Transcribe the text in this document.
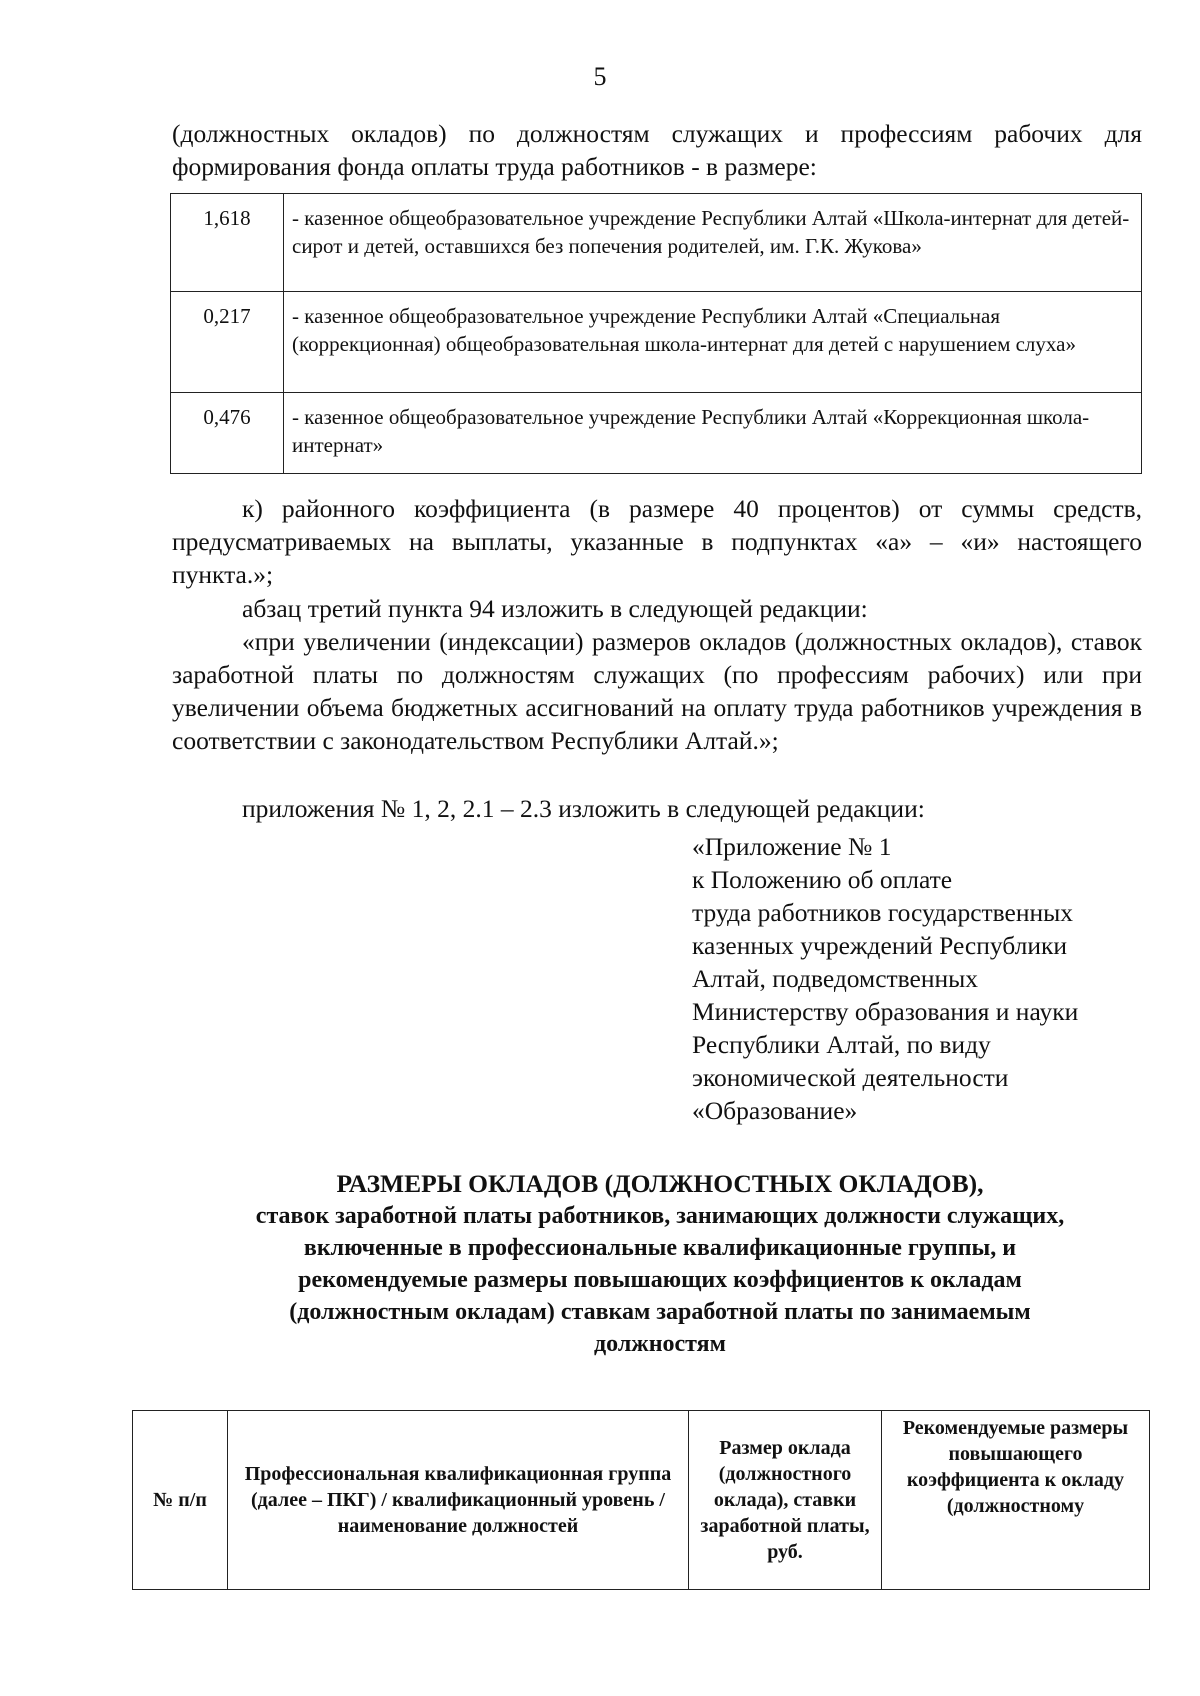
5
(должностных окладов) по должностям служащих и профессиям рабочих для
формирования фонда оплаты труда работников - в размере:
1,618	- казенное общеобразовательное учреждение Республики Алтай «Школа-интернат для детей-сирот и детей, оставшихся без попечения родителей, им. Г.К. Жукова»
0,217	- казенное общеобразовательное учреждение Республики Алтай «Специальная (коррекционная) общеобразовательная школа-интернат для детей с нарушением слуха»
0,476	- казенное общеобразовательное учреждение Республики Алтай «Коррекционная школа-интернат»
к) районного коэффициента (в размере 40 процентов) от суммы средств, предусматриваемых на выплаты, указанные в подпунктах «а» – «и» настоящего пункта.»;
абзац третий пункта 94 изложить в следующей редакции:
«при увеличении (индексации) размеров окладов (должностных окладов), ставок заработной платы по должностям служащих (по профессиям рабочих) или при увеличении объема бюджетных ассигнований на оплату труда работников учреждения в соответствии с законодательством Республики Алтай.»;
приложения № 1, 2, 2.1 – 2.3 изложить в следующей редакции:
«Приложение № 1
к Положению об оплате
труда работников государственных
казенных учреждений Республики
Алтай, подведомственных
Министерству образования и науки
Республики Алтай, по виду
экономической деятельности
«Образование»
РАЗМЕРЫ ОКЛАДОВ (ДОЛЖНОСТНЫХ ОКЛАДОВ),
ставок заработной платы работников, занимающих должности служащих,
включенные в профессиональные квалификационные группы, и
рекомендуемые размеры повышающих коэффициентов к окладам
(должностным окладам) ставкам заработной платы по занимаемым
должностям
№ п/п	Профессиональная квалификационная группа (далее – ПКГ) / квалификационный уровень / наименование должностей	Размер оклада (должностного оклада), ставки заработной платы, руб.	Рекомендуемые размеры повышающего коэффициента к окладу (должностному
